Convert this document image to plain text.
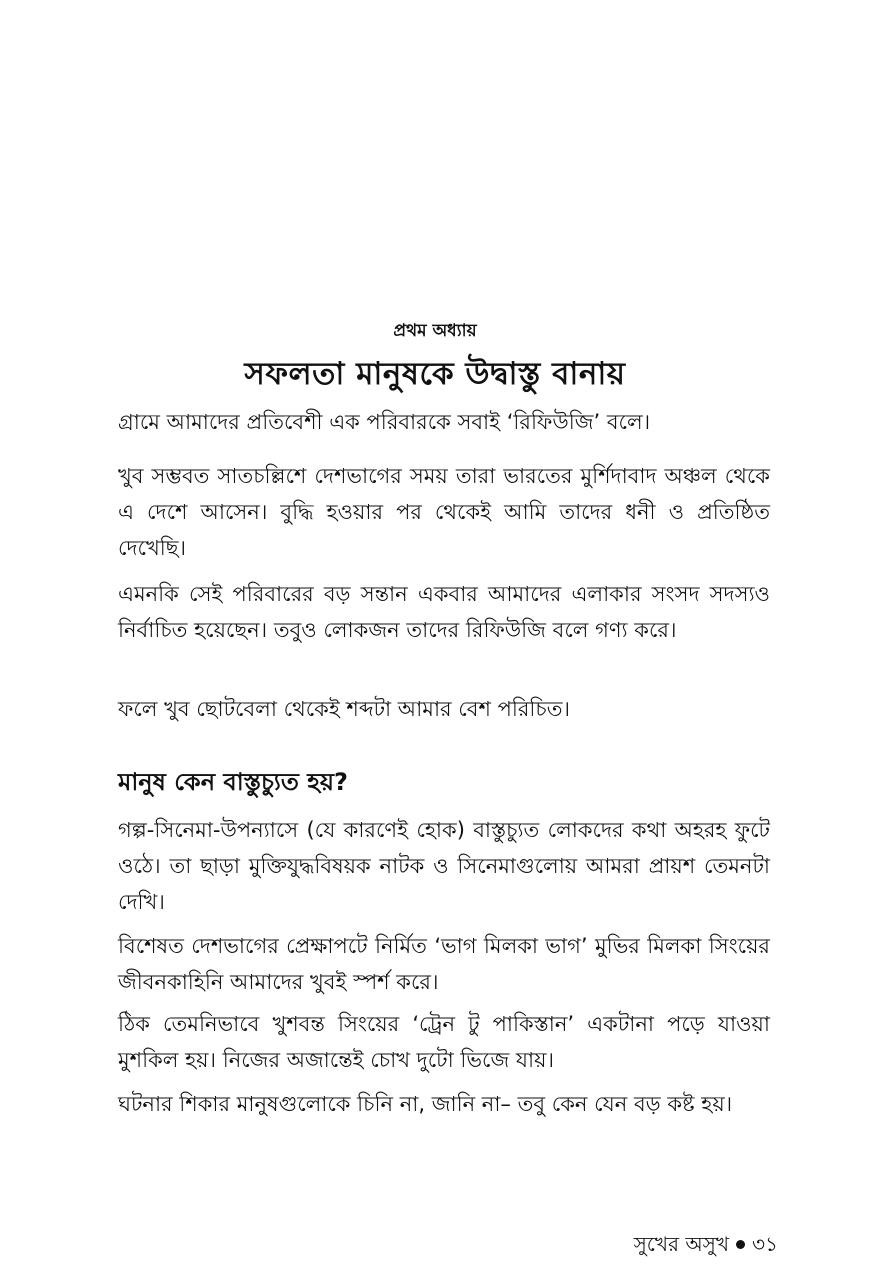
প্রথম অধ্যায়
সফলতা মানুষকে উদ্বাস্তু বানায়

গ্রামে আমাদের প্রতিবেশী এক পরিবারকে সবাই ‘রিফিউজি’ বলে।

খুব সম্ভবত সাতচল্লিশে দেশভাগের সময় তারা ভারতের মুর্শিদাবাদ অঞ্চল থেকে এ দেশে আসেন। বুদ্ধি হওয়ার পর থেকেই আমি তাদের ধনী ও প্রতিষ্ঠিত দেখেছি।

এমনকি সেই পরিবারের বড় সন্তান একবার আমাদের এলাকার সংসদ সদস্যও নির্বাচিত হয়েছেন। তবুও লোকজন তাদের রিফিউজি বলে গণ্য করে।

ফলে খুব ছোটবেলা থেকেই শব্দটা আমার বেশ পরিচিত।

মানুষ কেন বাস্তুচ্যুত হয়?

গল্প-সিনেমা-উপন্যাসে (যে কারণেই হোক) বাস্তুচ্যুত লোকদের কথা অহরহ ফুটে ওঠে। তা ছাড়া মুক্তিযুদ্ধবিষয়ক নাটক ও সিনেমাগুলোয় আমরা প্রায়শ তেমনটা দেখি।

বিশেষত দেশভাগের প্রেক্ষাপটে নির্মিত ‘ভাগ মিলকা ভাগ’ মুভির মিলকা সিংয়ের জীবনকাহিনি আমাদের খুবই স্পর্শ করে।

ঠিক তেমনিভাবে খুশবন্ত সিংয়ের ‘ট্রেন টু পাকিস্তান’ একটানা পড়ে যাওয়া মুশকিল হয়। নিজের অজান্তেই চোখ দুটো ভিজে যায়।

ঘটনার শিকার মানুষগুলোকে চিনি না, জানি না– তবু কেন যেন বড় কষ্ট হয়।

সুখের অসুখ ৩১
